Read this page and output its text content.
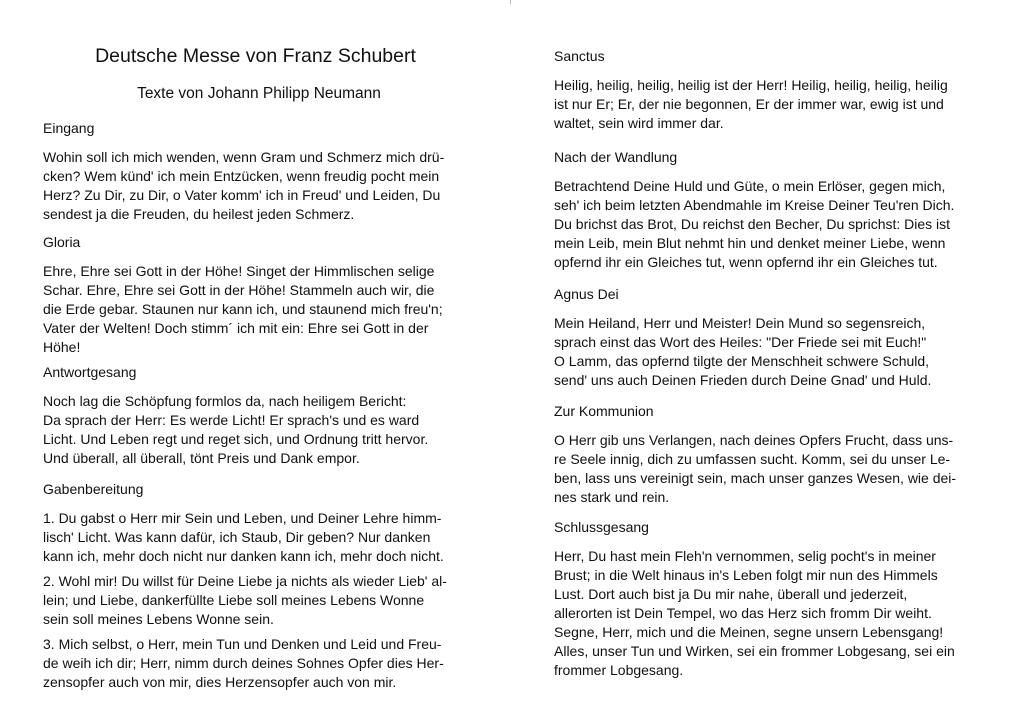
Deutsche Messe von Franz Schubert
Texte von Johann Philipp Neumann

Eingang

Wohin soll ich mich wenden, wenn Gram und Schmerz mich drü-
cken? Wem künd' ich mein Entzücken, wenn freudig pocht mein
Herz? Zu Dir, zu Dir, o Vater komm' ich in Freud' und Leiden, Du
sendest ja die Freuden, du heilest jeden Schmerz.

Gloria

Ehre, Ehre sei Gott in der Höhe! Singet der Himmlischen selige
Schar. Ehre, Ehre sei Gott in der Höhe! Stammeln auch wir, die
die Erde gebar. Staunen nur kann ich, und staunend mich freu'n;
Vater der Welten! Doch stimm´ ich mit ein: Ehre sei Gott in der
Höhe!

Antwortgesang

Noch lag die Schöpfung formlos da, nach heiligem Bericht:
Da sprach der Herr: Es werde Licht! Er sprach's und es ward
Licht. Und Leben regt und reget sich, und Ordnung tritt hervor.
Und überall, all überall, tönt Preis und Dank empor.

Gabenbereitung

1. Du gabst o Herr mir Sein und Leben, und Deiner Lehre himm-
lisch' Licht. Was kann dafür, ich Staub, Dir geben? Nur danken
kann ich, mehr doch nicht nur danken kann ich, mehr doch nicht.

2. Wohl mir! Du willst für Deine Liebe ja nichts als wieder Lieb' al-
lein; und Liebe, dankerfüllte Liebe soll meines Lebens Wonne
sein soll meines Lebens Wonne sein.

3. Mich selbst, o Herr, mein Tun und Denken und Leid und Freu-
de weih ich dir; Herr, nimm durch deines Sohnes Opfer dies Her-
zensopfer auch von mir, dies Herzensopfer auch von mir.

Sanctus

Heilig, heilig, heilig, heilig ist der Herr! Heilig, heilig, heilig, heilig
ist nur Er; Er, der nie begonnen, Er der immer war, ewig ist und
waltet, sein wird immer dar.

Nach der Wandlung

Betrachtend Deine Huld und Güte, o mein Erlöser, gegen mich,
seh' ich beim letzten Abendmahle im Kreise Deiner Teu'ren Dich.
Du brichst das Brot, Du reichst den Becher, Du sprichst: Dies ist
mein Leib, mein Blut nehmt hin und denket meiner Liebe, wenn
opfernd ihr ein Gleiches tut, wenn opfernd ihr ein Gleiches tut.

Agnus Dei

Mein Heiland, Herr und Meister! Dein Mund so segensreich,
sprach einst das Wort des Heiles: "Der Friede sei mit Euch!"
O Lamm, das opfernd tilgte der Menschheit schwere Schuld,
send' uns auch Deinen Frieden durch Deine Gnad' und Huld.

Zur Kommunion

O Herr gib uns Verlangen, nach deines Opfers Frucht, dass uns-
re Seele innig, dich zu umfassen sucht. Komm, sei du unser Le-
ben, lass uns vereinigt sein, mach unser ganzes Wesen, wie dei-
nes stark und rein.

Schlussgesang

Herr, Du hast mein Fleh'n vernommen, selig pocht's in meiner
Brust; in die Welt hinaus in's Leben folgt mir nun des Himmels
Lust. Dort auch bist ja Du mir nahe, überall und jederzeit,
allerorten ist Dein Tempel, wo das Herz sich fromm Dir weiht.
Segne, Herr, mich und die Meinen, segne unsern Lebensgang!
Alles, unser Tun und Wirken, sei ein frommer Lobgesang, sei ein
frommer Lobgesang.
